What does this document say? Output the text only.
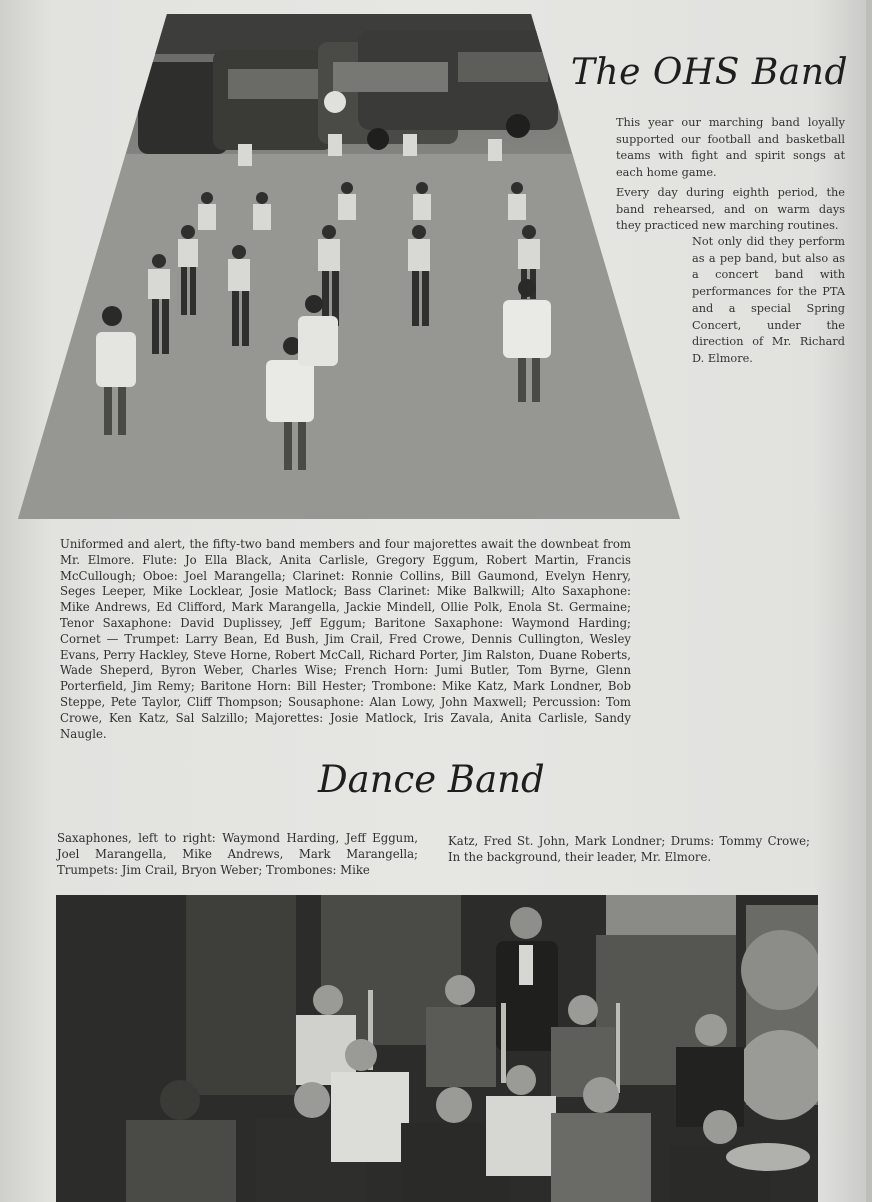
The OHS Band

This year our marching band loyally supported our football and basketball teams with fight and spirit songs at each home game.

Every day during eighth period, the band rehearsed, and on warm days they practiced new marching routines.

Not only did they perform as a pep band, but also as a concert band with performances for the PTA and a special Spring Concert, under the direction of Mr. Richard D. Elmore.

Uniformed and alert, the fifty-two band members and four majorettes await the downbeat from Mr. Elmore. Flute: Jo Ella Black, Anita Carlisle, Gregory Eggum, Robert Martin, Francis McCullough; Oboe: Joel Marangella; Clarinet: Ronnie Collins, Bill Gaumond, Evelyn Henry, Seges Leeper, Mike Locklear, Josie Matlock; Bass Clarinet: Mike Balkwill; Alto Saxaphone: Mike Andrews, Ed Clifford, Mark Marangella, Jackie Mindell, Ollie Polk, Enola St. Germaine; Tenor Saxaphone: David Duplissey, Jeff Eggum; Baritone Saxaphone: Waymond Harding; Cornet — Trumpet: Larry Bean, Ed Bush, Jim Crail, Fred Crowe, Dennis Cullington, Wesley Evans, Perry Hackley, Steve Horne, Robert McCall, Richard Porter, Jim Ralston, Duane Roberts, Wade Sheperd, Byron Weber, Charles Wise; French Horn: Jumi Butler, Tom Byrne, Glenn Porterfield, Jim Remy; Baritone Horn: Bill Hester; Trombone: Mike Katz, Mark Londner, Bob Steppe, Pete Taylor, Cliff Thompson; Sousaphone: Alan Lowy, John Maxwell; Percussion: Tom Crowe, Ken Katz, Sal Salzillo; Majorettes: Josie Matlock, Iris Zavala, Anita Carlisle, Sandy Naugle.
Dance Band
Saxaphones, left to right: Waymond Harding, Jeff Eggum, Joel Marangella, Mike Andrews, Mark Marangella; Trumpets: Jim Crail, Bryon Weber; Trombones: Mike
Katz, Fred St. John, Mark Londner; Drums: Tommy Crowe; In the background, their leader, Mr. Elmore.
